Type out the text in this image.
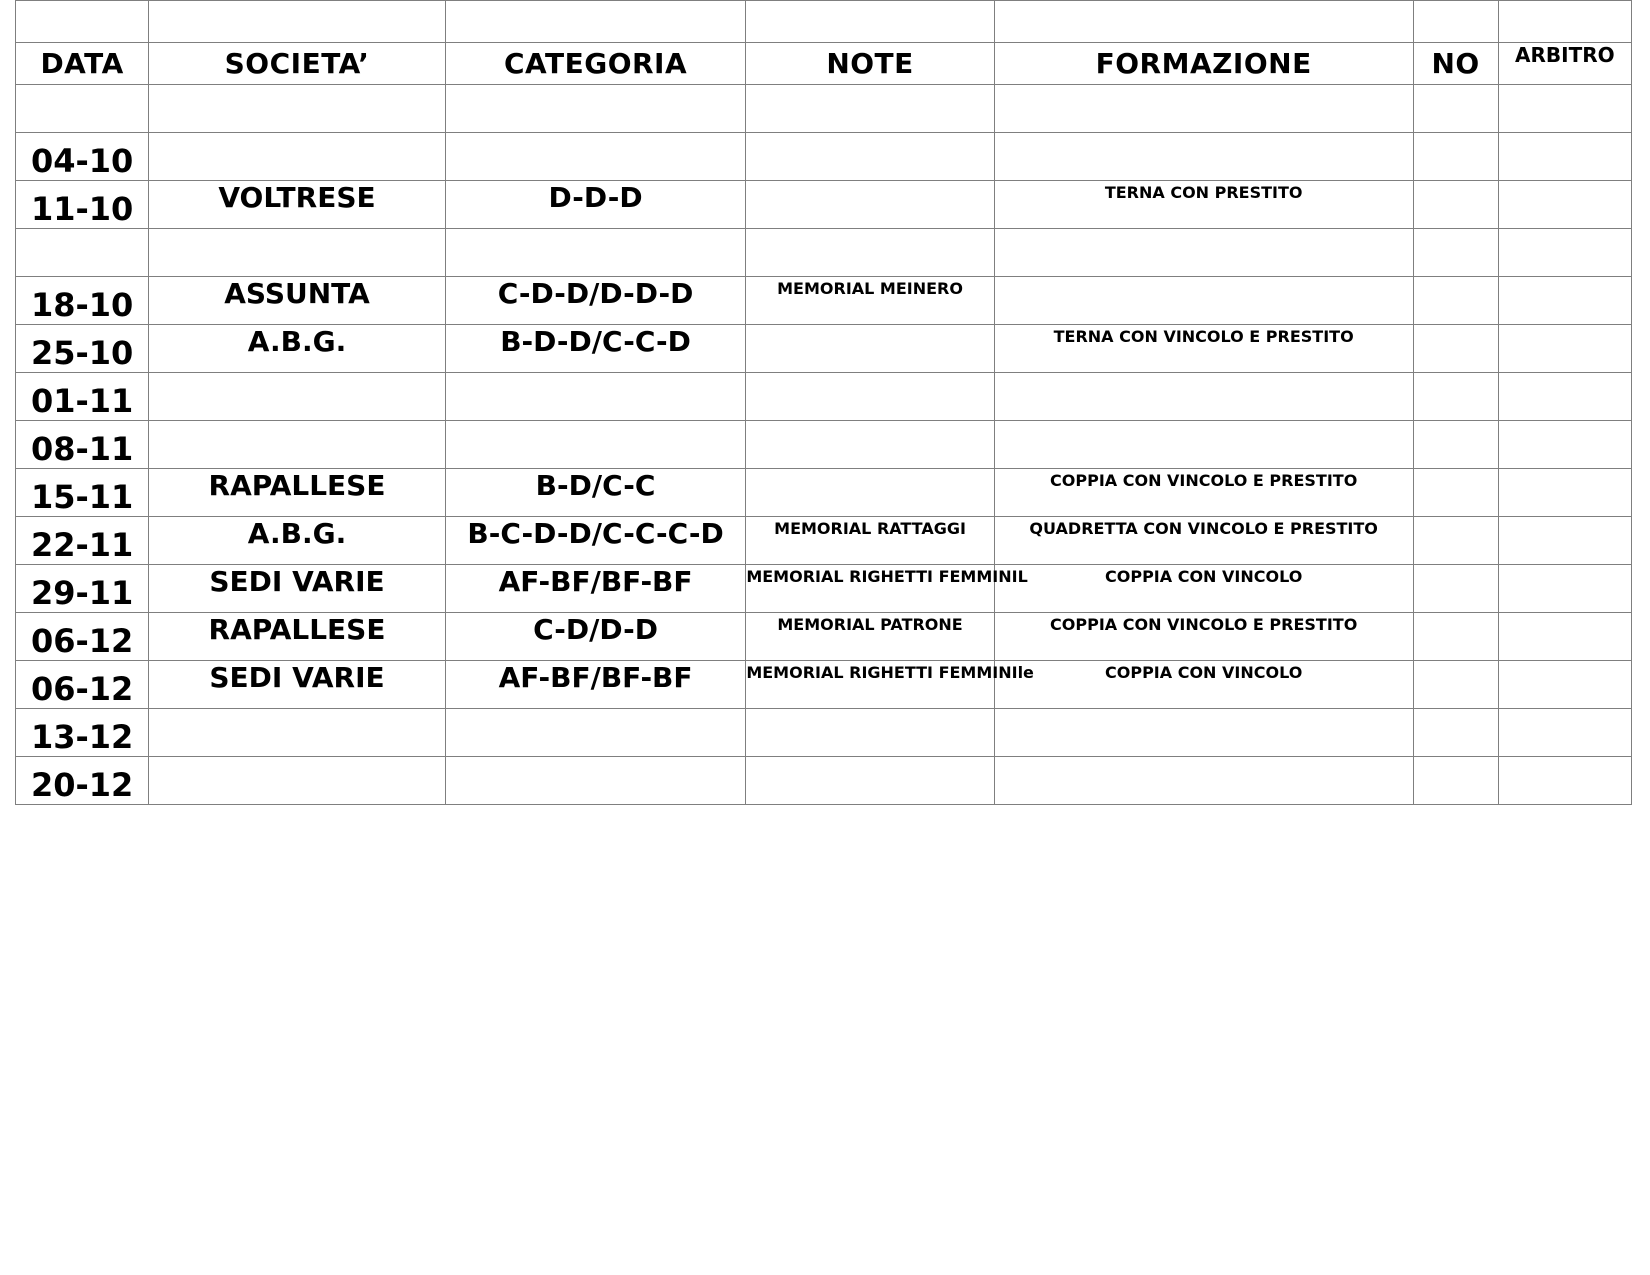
DATA	SOCIETA’	CATEGORIA	NOTE	FORMAZIONE	NO	ARBITRO

04-10						
11-10	VOLTRESE	D-D-D		TERNA CON PRESTITO		

18-10	ASSUNTA	C-D-D/D-D-D	MEMORIAL MEINERO			
25-10	A.B.G.	B-D-D/C-C-D		TERNA CON VINCOLO E PRESTITO		
01-11						
08-11						
15-11	RAPALLESE	B-D/C-C		COPPIA CON VINCOLO E PRESTITO		
22-11	A.B.G.	B-C-D-D/C-C-C-D	MEMORIAL RATTAGGI	QUADRETTA CON VINCOLO E PRESTITO		
29-11	SEDI VARIE	AF-BF/BF-BF	MEMORIAL RIGHETTI FEMMINIL	COPPIA CON VINCOLO		
06-12	RAPALLESE	C-D/D-D	MEMORIAL PATRONE	COPPIA CON VINCOLO E PRESTITO		
06-12	SEDI VARIE	AF-BF/BF-BF	MEMORIAL RIGHETTI FEMMINIle	COPPIA CON VINCOLO		
13-12						
20-12						
